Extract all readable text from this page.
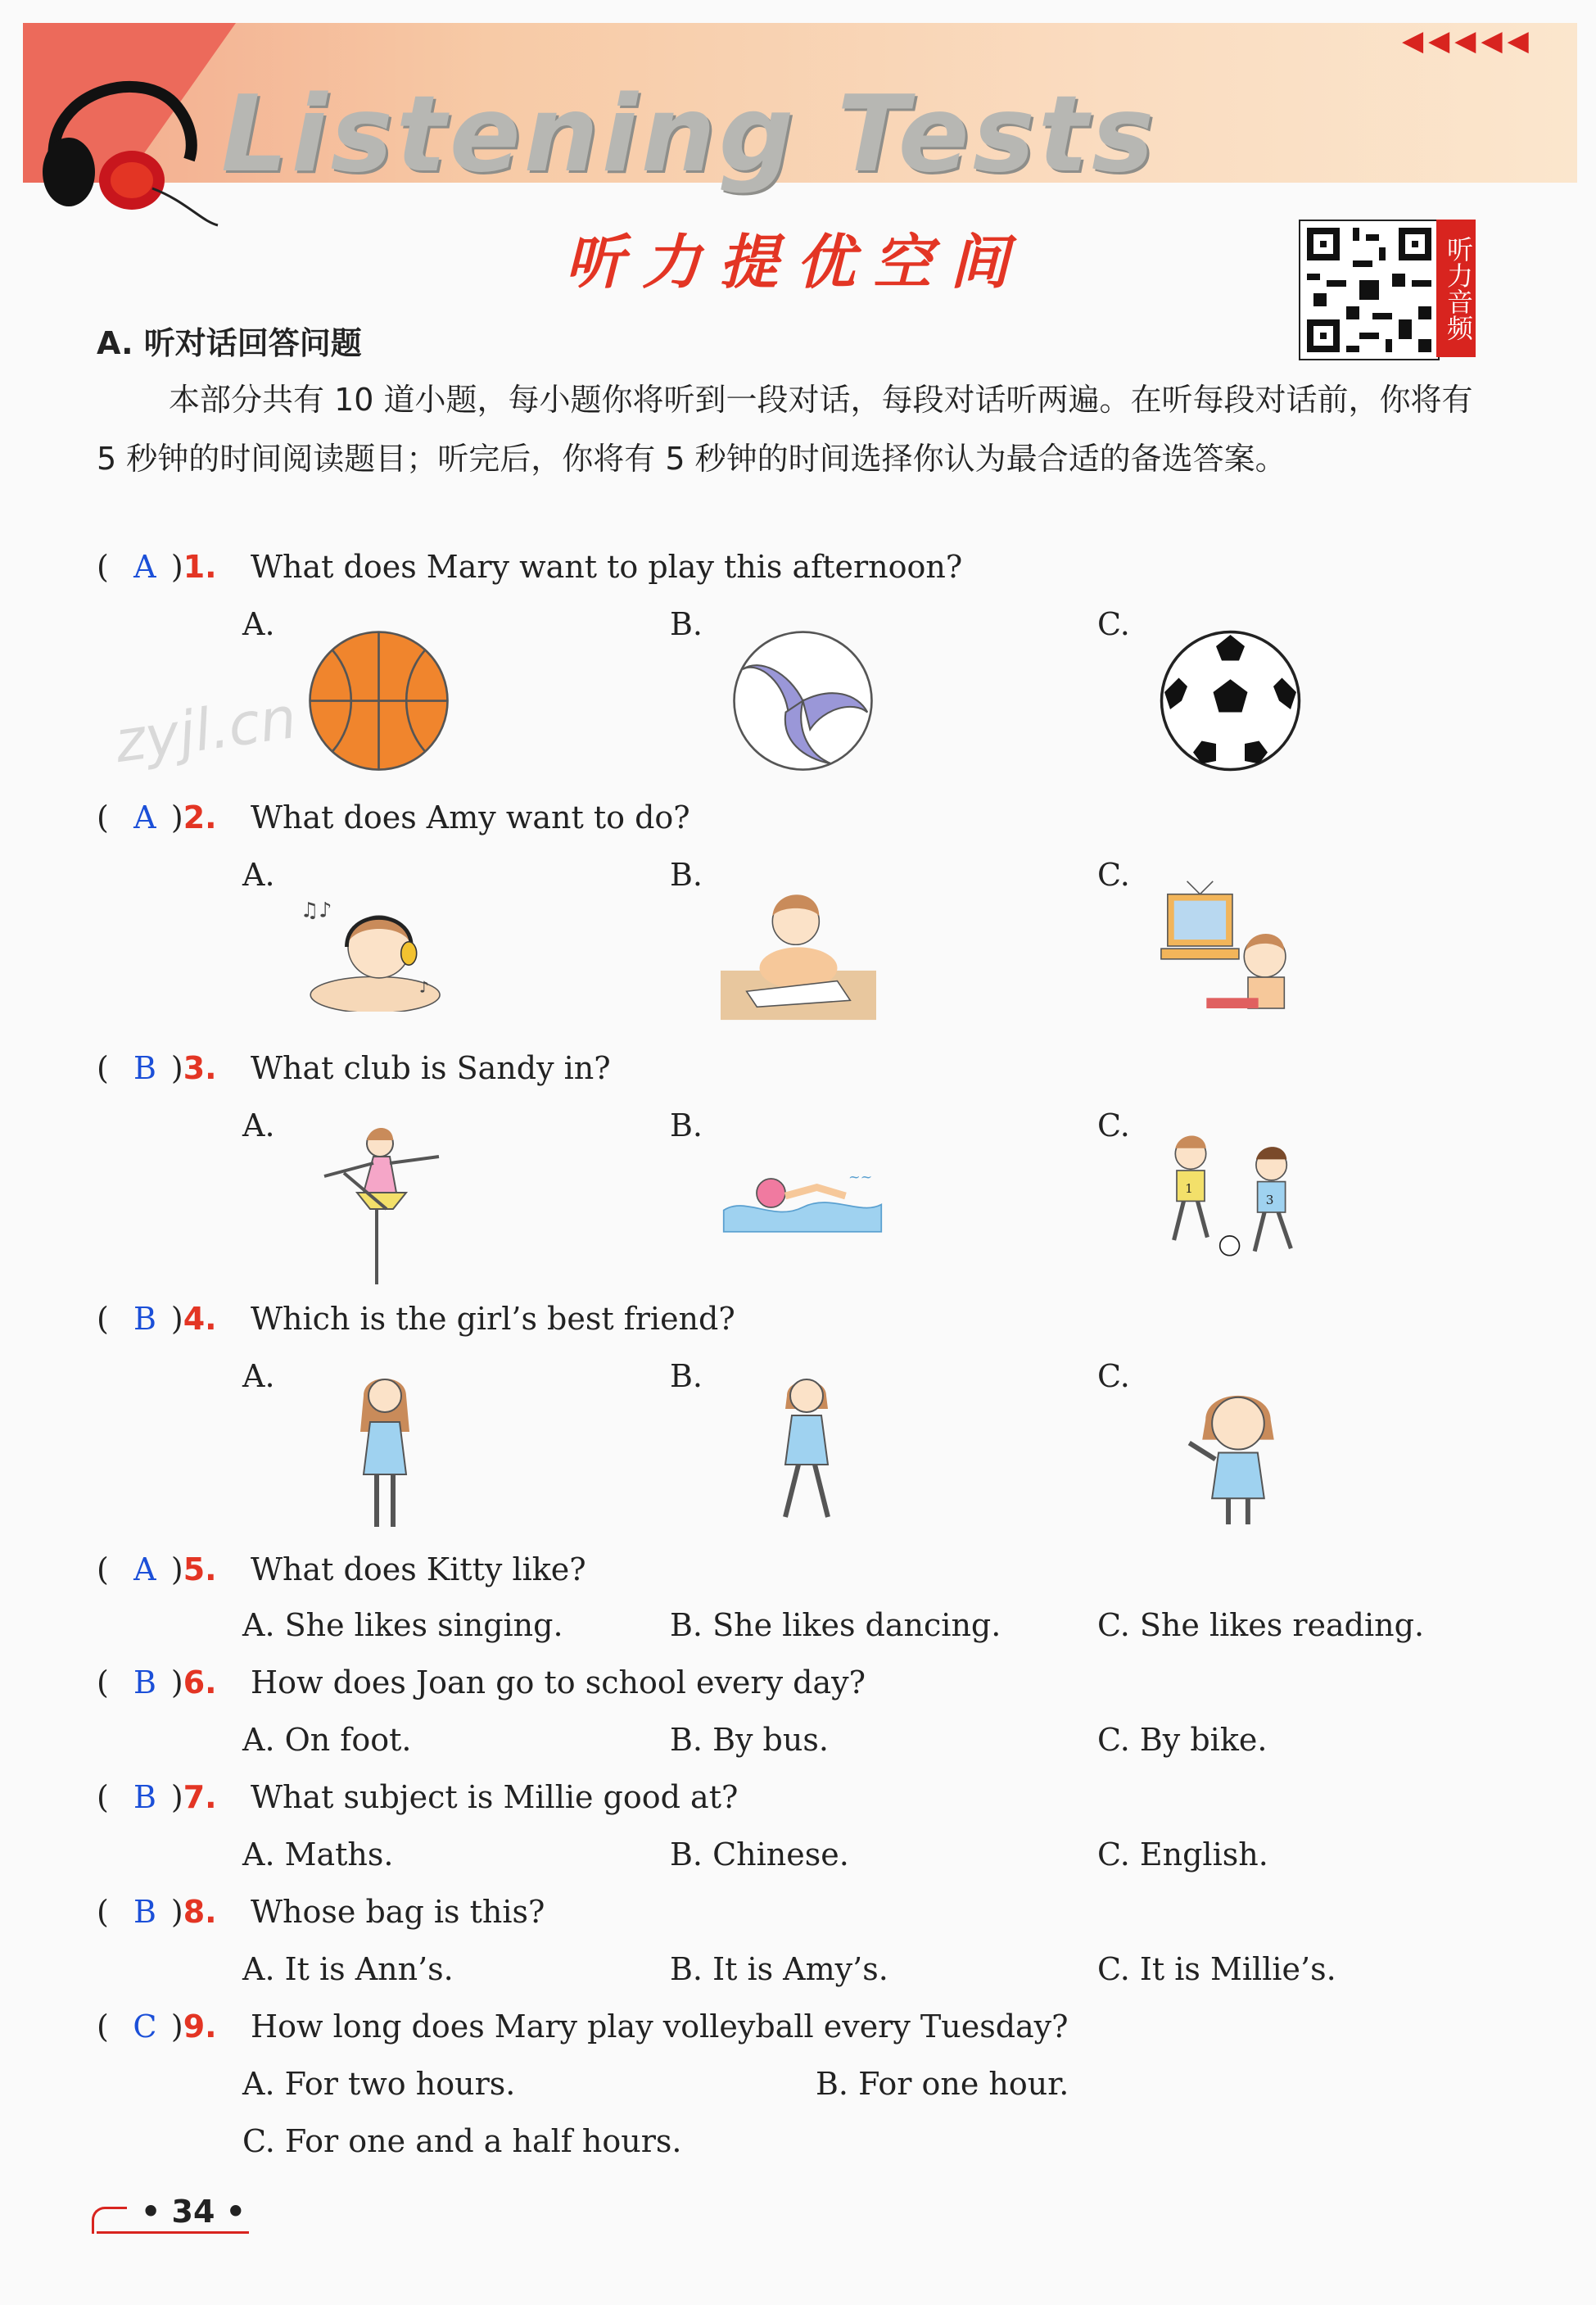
Listening Tests
◀◀◀◀◀
听力提优空间	听力音频
A. 听对话回答问题
本部分共有 10 道小题，每小题你将听到一段对话，每段对话听两遍。在听每段对话前，你将有 5 秒钟的时间阅读题目；听完后，你将有 5 秒钟的时间选择你认为最合适的备选答案。
zyjl.cn
( A )1. What does Mary want to play this afternoon?
A.	B.	C.
( A )2. What does Amy want to do?
A.	B.	C.
♫♪
♪
( B )3. What club is Sandy in?
A.	B.	C.
~~
1
3
( B )4. Which is the girl’s best friend?
A.	B.	C.
( A )5. What does Kitty like?
A. She likes singing.	B. She likes dancing.	C. She likes reading.
( B )6. How does Joan go to school every day?
A. On foot.	B. By bus.	C. By bike.
( B )7. What subject is Millie good at?
A. Maths.	B. Chinese.	C. English.
( B )8. Whose bag is this?
A. It is Ann’s.	B. It is Amy’s.	C. It is Millie’s.
( C )9. How long does Mary play volleyball every Tuesday?
A. For two hours.	B. For one hour.
C. For one and a half hours.
• 34 •
